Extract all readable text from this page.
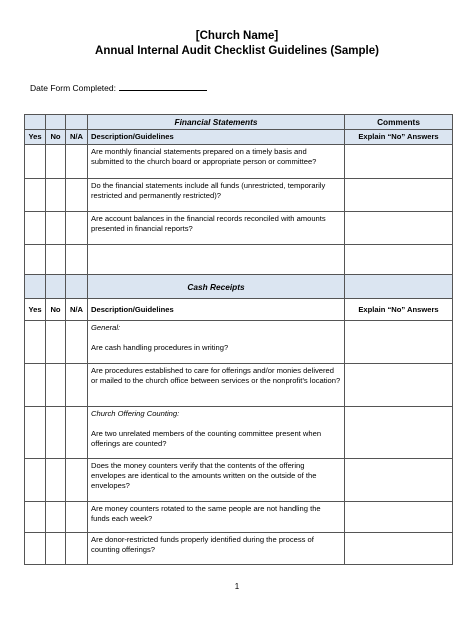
[Church Name]
Annual Internal Audit Checklist Guidelines (Sample)
Date Form Completed:
			Financial Statements	Comments
Yes	No	N/A	Description/Guidelines	Explain “No” Answers
			Are monthly financial statements prepared on a timely basis and submitted to the church board or appropriate person or committee?	
			Do the financial statements include all funds (unrestricted, temporarily restricted and permanently restricted)?	
			Are account balances in the financial records reconciled with amounts presented in financial reports?	

			Cash Receipts	
Yes	No	N/A	Description/Guidelines	Explain “No” Answers

			General:
Are cash handling procedures in writing?	

			Are procedures established to care for offerings and/or monies delivered or mailed to the church office between services or the nonprofit’s location?	

			Church Offering Counting:
Are two unrelated members of the counting committee present when offerings are counted?	

			Does the money counters verify that the contents of the offering envelopes are identical to the amounts written on the outside of the envelopes?	
			Are money counters rotated to the same people are not handling the funds each week?	
			Are donor-restricted funds properly identified during the process of counting offerings?	
1
